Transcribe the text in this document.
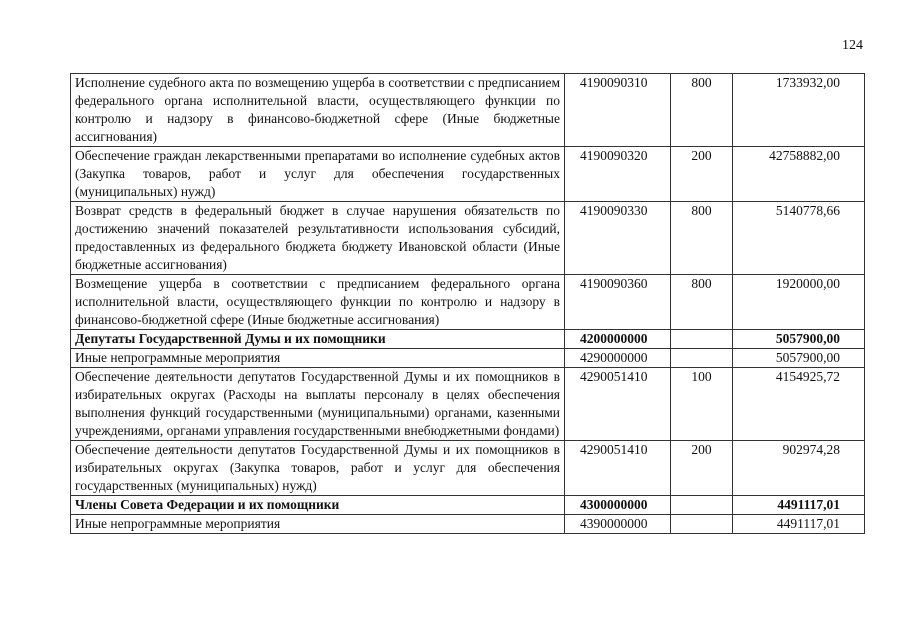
124
Исполнение судебного акта по возмещению ущерба в соответствии с предписанием федерального органа исполнительной власти, осуществляющего функции по контролю и надзору в финансово-бюджетной сфере (Иные бюджетные ассигнования)	4190090310	800	1733932,00
Обеспечение граждан лекарственными препаратами во исполнение судебных актов (Закупка товаров, работ и услуг для обеспечения государственных (муниципальных) нужд)	4190090320	200	42758882,00
Возврат средств в федеральный бюджет в случае нарушения обязательств по достижению значений показателей результативности использования субсидий, предоставленных из федерального бюджета бюджету Ивановской области (Иные бюджетные ассигнования)	4190090330	800	5140778,66
Возмещение ущерба в соответствии с предписанием федерального органа исполнительной власти, осуществляющего функции по контролю и надзору в финансово-бюджетной сфере (Иные бюджетные ассигнования)	4190090360	800	1920000,00
Депутаты Государственной Думы и их помощники	4200000000		5057900,00
Иные непрограммные мероприятия	4290000000		5057900,00
Обеспечение деятельности депутатов Государственной Думы и их помощников в избирательных округах (Расходы на выплаты персоналу в целях обеспечения выполнения функций государственными (муниципальными) органами, казенными учреждениями, органами управления государственными внебюджетными фондами)	4290051410	100	4154925,72
Обеспечение деятельности депутатов Государственной Думы и их помощников в избирательных округах (Закупка товаров, работ и услуг для обеспечения государственных (муниципальных) нужд)	4290051410	200	902974,28
Члены Совета Федерации и их помощники	4300000000		4491117,01
Иные непрограммные мероприятия	4390000000		4491117,01
